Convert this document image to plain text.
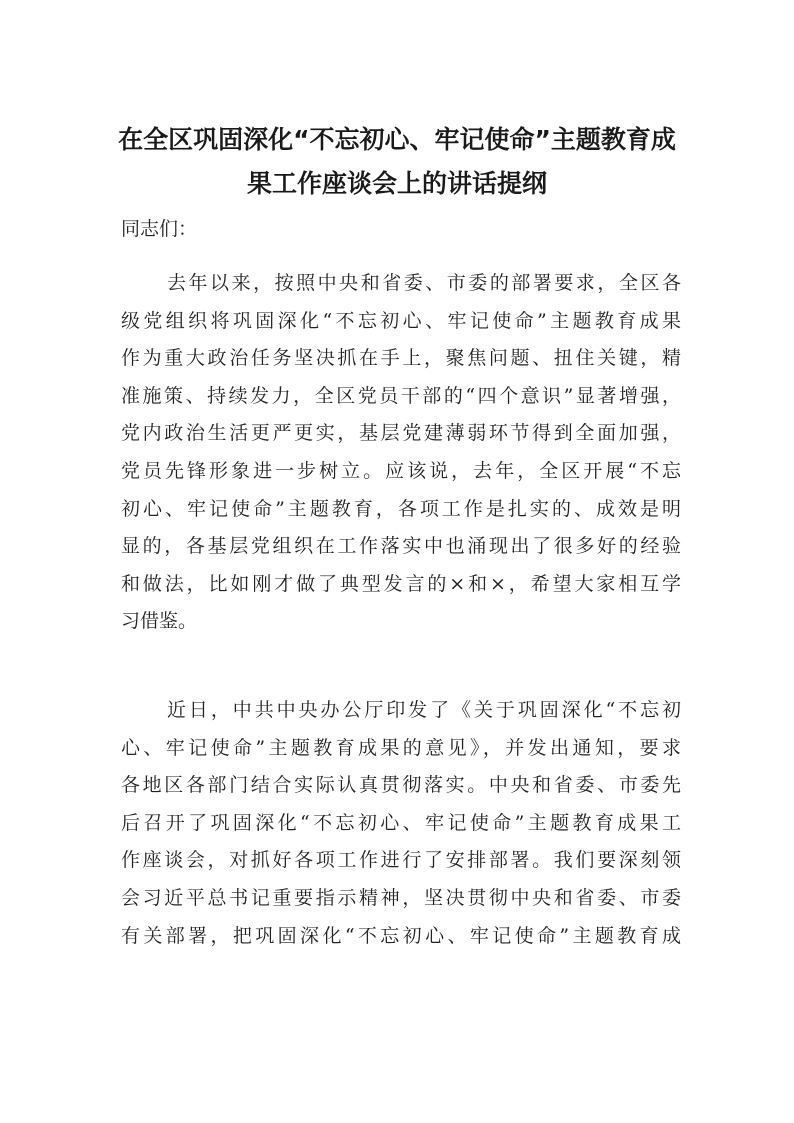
在全区巩固深化“不忘初心、牢记使命”主题教育成
果工作座谈会上的讲话提纲

同志们：

去年以来，按照中央和省委、市委的部署要求，全区各
级党组织将巩固深化“不忘初心、牢记使命”主题教育成果
作为重大政治任务坚决抓在手上，聚焦问题、扭住关键，精
准施策、持续发力，全区党员干部的“四个意识”显著增强，
党内政治生活更严更实，基层党建薄弱环节得到全面加强，
党员先锋形象进一步树立。应该说，去年，全区开展“不忘
初心、牢记使命”主题教育，各项工作是扎实的、成效是明
显的，各基层党组织在工作落实中也涌现出了很多好的经验
和做法，比如刚才做了典型发言的×和×，希望大家相互学
习借鉴。
近日，中共中央办公厅印发了《关于巩固深化“不忘初
心、牢记使命”主题教育成果的意见》，并发出通知，要求
各地区各部门结合实际认真贯彻落实。中央和省委、市委先
后召开了巩固深化“不忘初心、牢记使命”主题教育成果工
作座谈会，对抓好各项工作进行了安排部署。我们要深刻领
会习近平总书记重要指示精神，坚决贯彻中央和省委、市委
有关部署，把巩固深化“不忘初心、牢记使命”主题教育成
